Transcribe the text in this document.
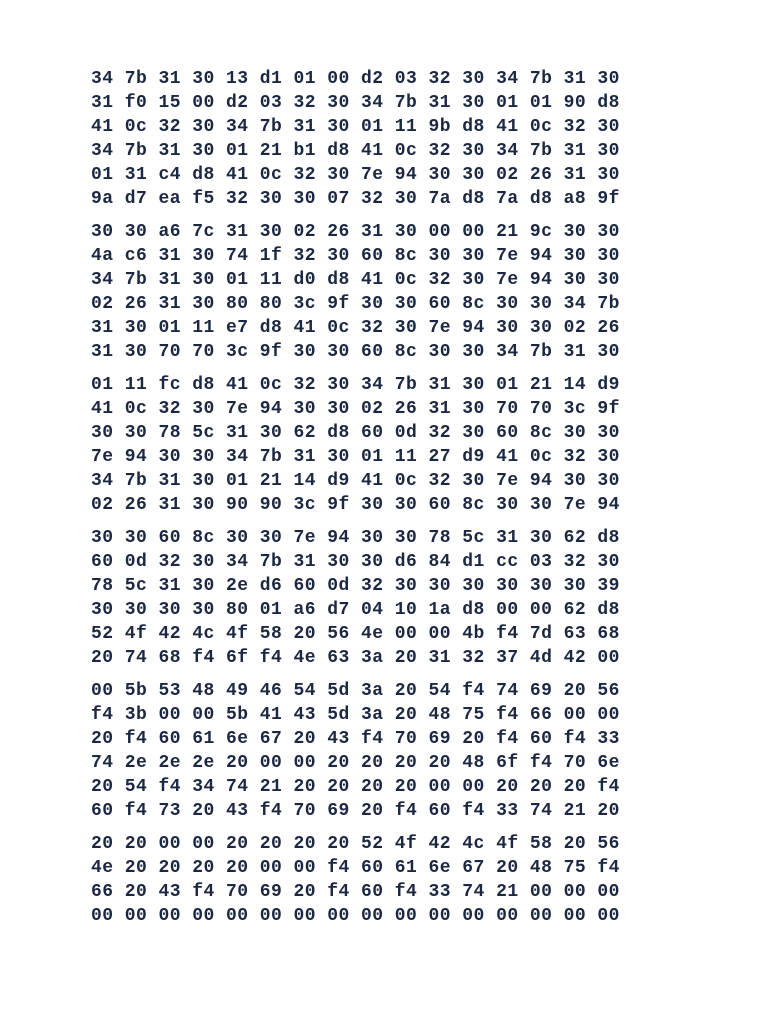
34 7b 31 30 13 d1 01 00 d2 03 32 30 34 7b 31 30
31 f0 15 00 d2 03 32 30 34 7b 31 30 01 01 90 d8
41 0c 32 30 34 7b 31 30 01 11 9b d8 41 0c 32 30
34 7b 31 30 01 21 b1 d8 41 0c 32 30 34 7b 31 30
01 31 c4 d8 41 0c 32 30 7e 94 30 30 02 26 31 30
9a d7 ea f5 32 30 30 07 32 30 7a d8 7a d8 a8 9f
30 30 a6 7c 31 30 02 26 31 30 00 00 21 9c 30 30
4a c6 31 30 74 1f 32 30 60 8c 30 30 7e 94 30 30
34 7b 31 30 01 11 d0 d8 41 0c 32 30 7e 94 30 30
02 26 31 30 80 80 3c 9f 30 30 60 8c 30 30 34 7b
31 30 01 11 e7 d8 41 0c 32 30 7e 94 30 30 02 26
31 30 70 70 3c 9f 30 30 60 8c 30 30 34 7b 31 30
01 11 fc d8 41 0c 32 30 34 7b 31 30 01 21 14 d9
41 0c 32 30 7e 94 30 30 02 26 31 30 70 70 3c 9f
30 30 78 5c 31 30 62 d8 60 0d 32 30 60 8c 30 30
7e 94 30 30 34 7b 31 30 01 11 27 d9 41 0c 32 30
34 7b 31 30 01 21 14 d9 41 0c 32 30 7e 94 30 30
02 26 31 30 90 90 3c 9f 30 30 60 8c 30 30 7e 94
30 30 60 8c 30 30 7e 94 30 30 78 5c 31 30 62 d8
60 0d 32 30 34 7b 31 30 30 d6 84 d1 cc 03 32 30
78 5c 31 30 2e d6 60 0d 32 30 30 30 30 30 30 39
30 30 30 30 80 01 a6 d7 04 10 1a d8 00 00 62 d8
52 4f 42 4c 4f 58 20 56 4e 00 00 4b f4 7d 63 68
20 74 68 f4 6f f4 4e 63 3a 20 31 32 37 4d 42 00
00 5b 53 48 49 46 54 5d 3a 20 54 f4 74 69 20 56
f4 3b 00 00 5b 41 43 5d 3a 20 48 75 f4 66 00 00
20 f4 60 61 6e 67 20 43 f4 70 69 20 f4 60 f4 33
74 2e 2e 2e 20 00 00 20 20 20 20 48 6f f4 70 6e
20 54 f4 34 74 21 20 20 20 20 00 00 20 20 20 f4
60 f4 73 20 43 f4 70 69 20 f4 60 f4 33 74 21 20
20 20 00 00 20 20 20 20 52 4f 42 4c 4f 58 20 56
4e 20 20 20 20 00 00 f4 60 61 6e 67 20 48 75 f4
66 20 43 f4 70 69 20 f4 60 f4 33 74 21 00 00 00
00 00 00 00 00 00 00 00 00 00 00 00 00 00 00 00
